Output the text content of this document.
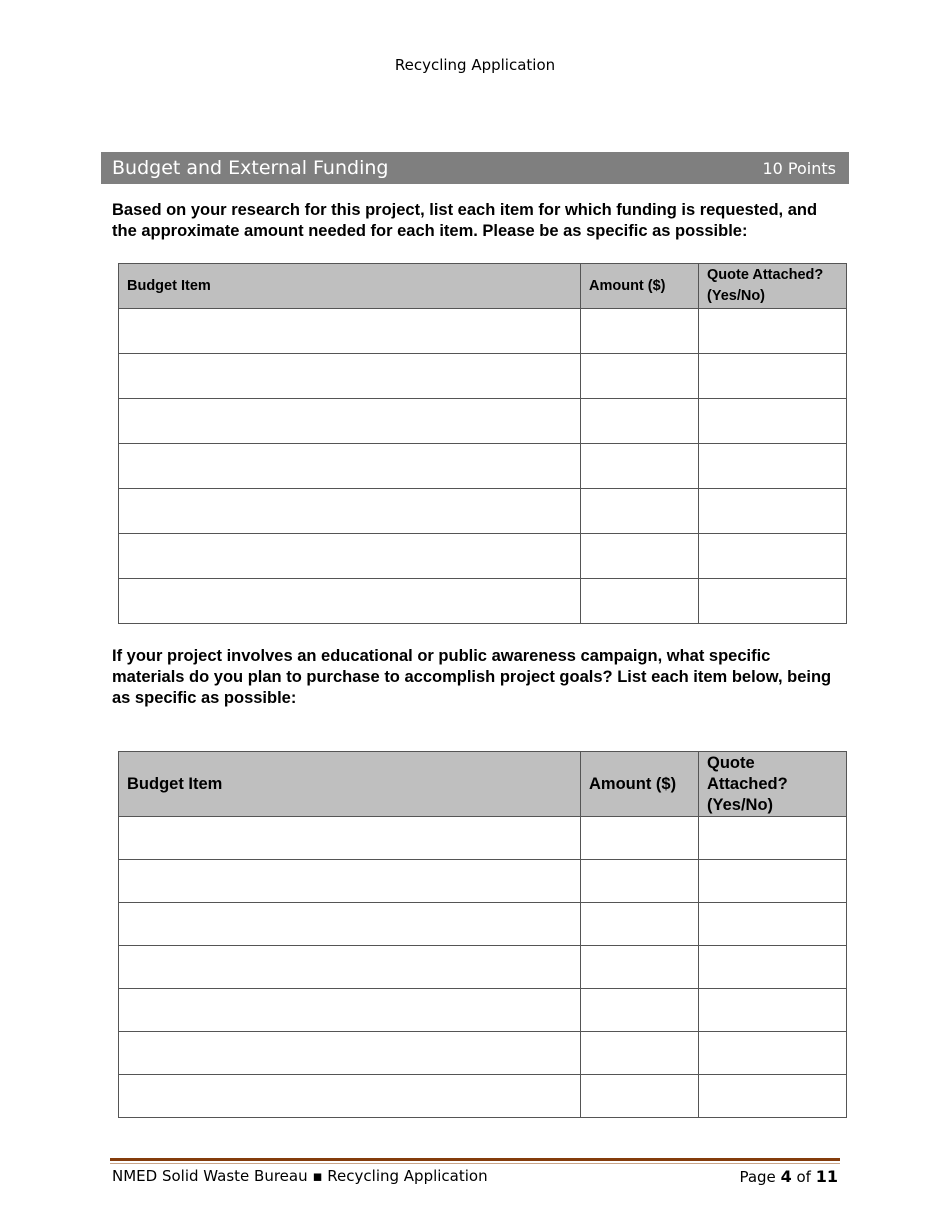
Recycling Application
Budget and External Funding	10 Points
Based on your research for this project, list each item for which funding is requested, and the approximate amount needed for each item. Please be as specific as possible:
Budget Item	Amount ($)	Quote Attached? (Yes/No)

If your project involves an educational or public awareness campaign, what specific materials do you plan to purchase to accomplish project goals? List each item below, being as specific as possible:
Budget Item	Amount ($)	Quote Attached? (Yes/No)

NMED Solid Waste Bureau ▪ Recycling Application	Page 4 of 11
